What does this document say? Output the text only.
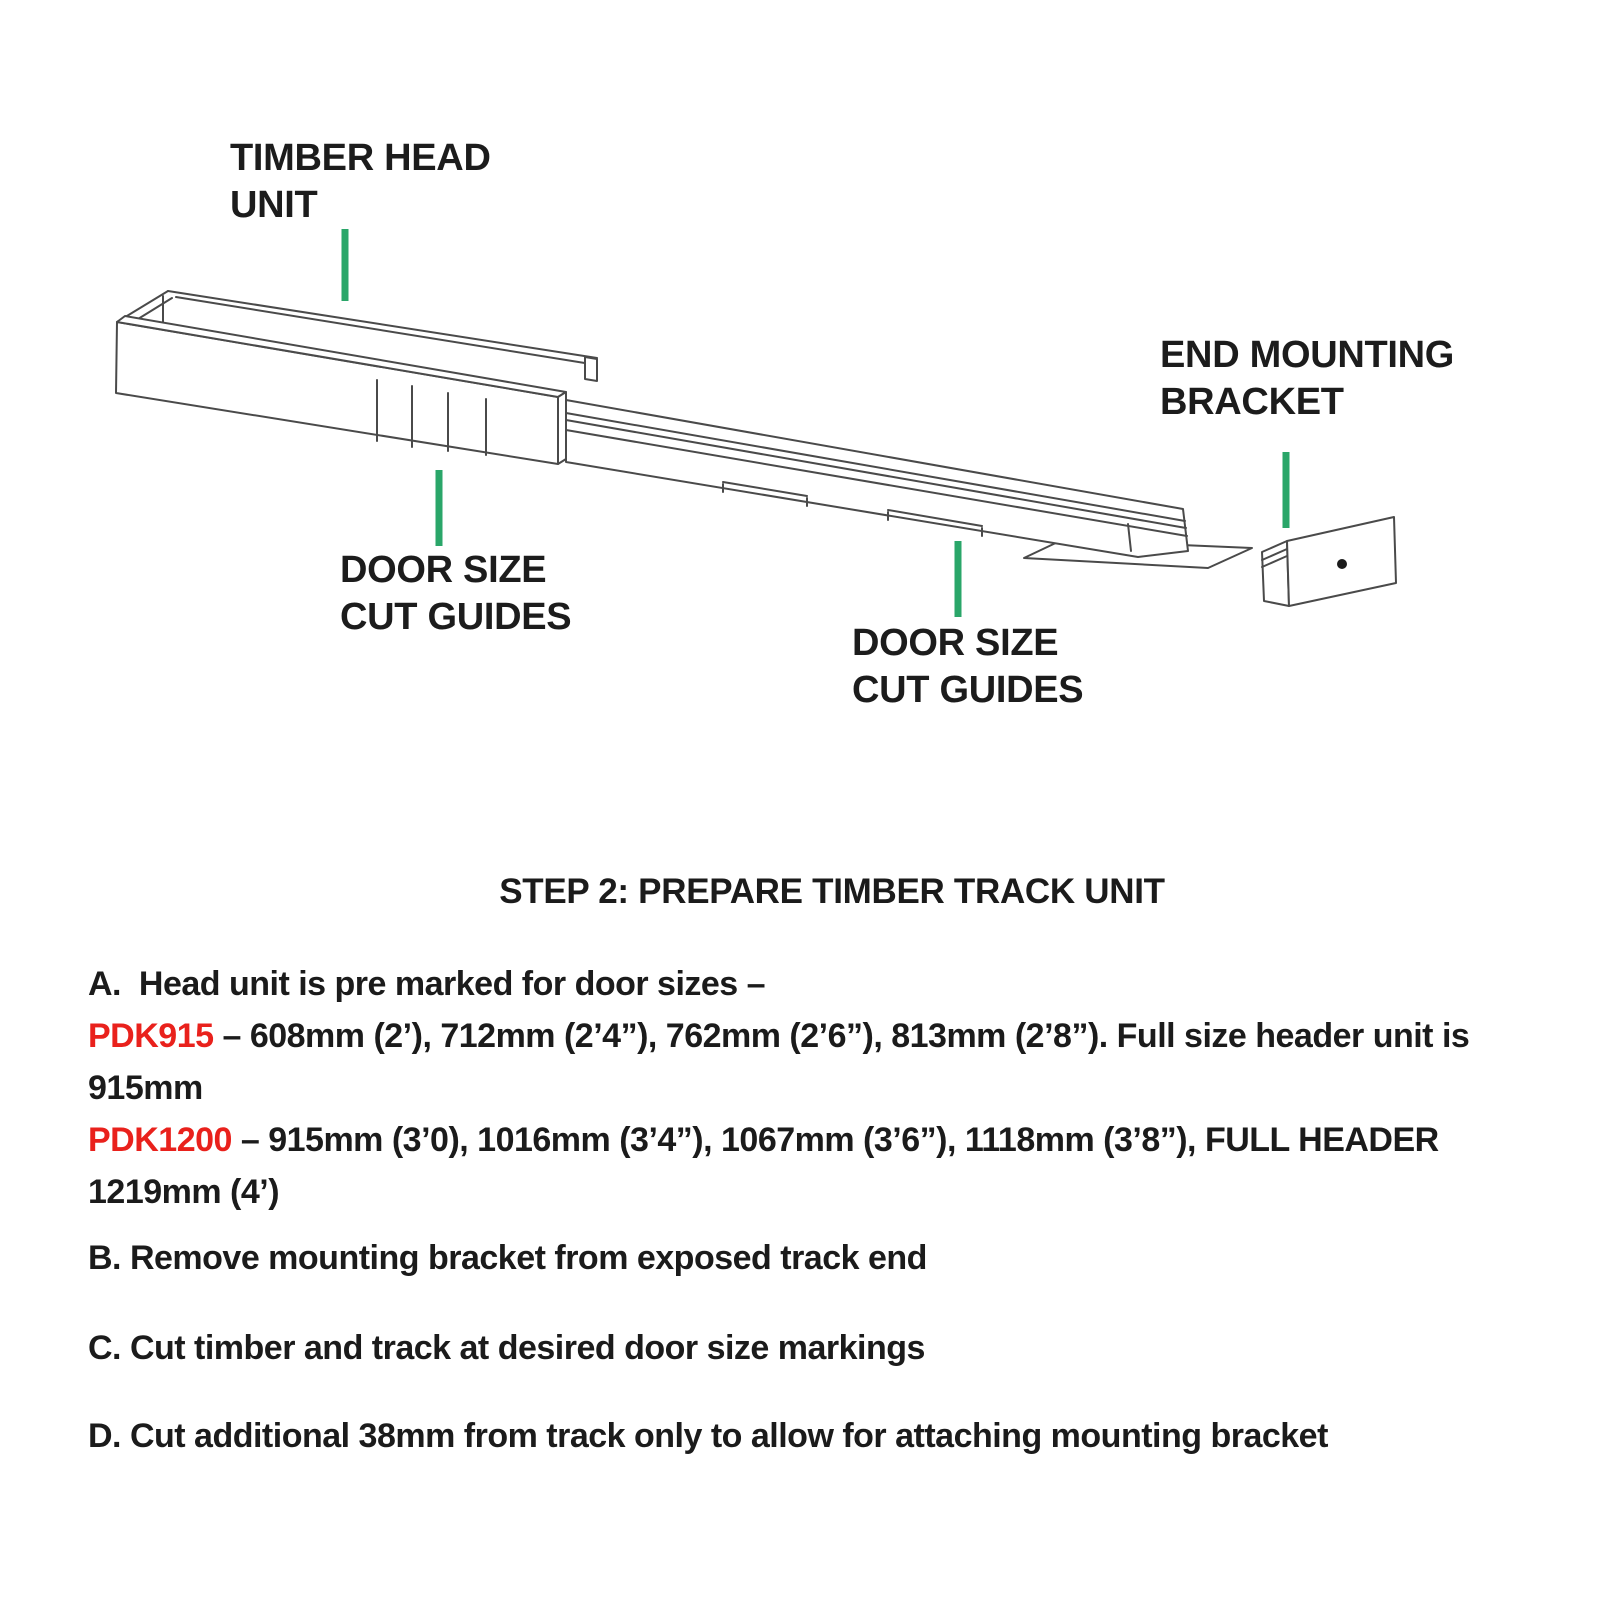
TIMBER HEAD
UNIT
DOOR SIZE
CUT GUIDES
DOOR SIZE
CUT GUIDES
END MOUNTING
BRACKET
STEP 2: PREPARE TIMBER TRACK UNIT

A.  Head unit is pre marked for door sizes –

PDK915 – 608mm (2’), 712mm (2’4”), 762mm (2’6”), 813mm (2’8”). Full size header unit is

915mm

PDK1200 – 915mm (3’0), 1016mm (3’4”), 1067mm (3’6”), 1118mm (3’8”), FULL HEADER

1219mm (4’)

B. Remove mounting bracket from exposed track end

C. Cut timber and track at desired door size markings

D. Cut additional 38mm from track only to allow for attaching mounting bracket
